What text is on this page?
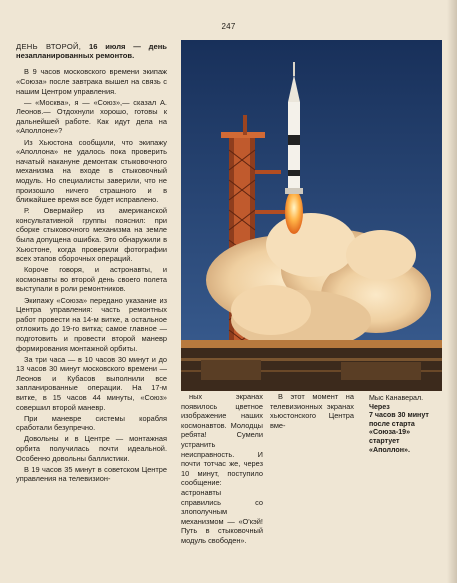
247
ДЕНЬ ВТОРОЙ, 16 июля — день незапланированных ремонтов.

В 9 часов московского времени экипаж «Союза» после завтрака вышел на связь с нашим Центром управления.

— «Москва», я — «Союз»,— сказал А. Леонов.— Отдохнули хорошо, готовы к дальнейшей работе. Как идут дела на «Аполлоне»?

Из Хьюстона сообщили, что экипажу «Аполлона» не удалось пока проверить начатый накануне демонтаж стыковочного механизма на входе в стыковочный модуль. Но специалисты заверили, что не произошло ничего страшного и в ближайшее время все будет исправлено.

Р. Овермайер из американской консультативной группы пояснил: при сборке стыковочного механизма на земле была допущена ошибка. Это обнаружили в Хьюстоне, когда проверили фотографии всех этапов сборочных операций.

Короче говоря, и астронавты, и космонавты во второй день своего полета выступали в роли ремонтников.

Экипажу «Союза» передано указание из Центра управления: часть ремонтных работ провести на 14-м витке, а остальное отложить до 19-го витка; самое главное — подготовить и провести второй маневр формирования монтажной орбиты.

За три часа — в 10 часов 30 минут и до 13 часов 30 минут московского времени — Леонов и Кубасов выполнили все запланированные операции. На 17-м витке, в 15 часов 44 минуты, «Союз» совершил второй маневр.

При маневре системы корабля сработали безупречно.

Довольны и в Центре — монтажная орбита получилась почти идеальной. Особенно довольны баллистики.

В 19 часов 35 минут в советском Центре управления на телевизион-

ных экранах появилось цветное изображение наших космонавтов. Молодцы ребята! Сумели устранить неисправность. И почти тотчас же, через 10 минут, поступило сообщение: астронавты справились со злополучным механизмом — «О'кэй! Путь в стыковочный модуль свободен».

В этот момент на телевизионных экранах хьюстонского Центра вме-

Мыс Канаверал.
Через
7 часов 30 минут
после старта
«Союза-19»
стартует
«Аполлон».
